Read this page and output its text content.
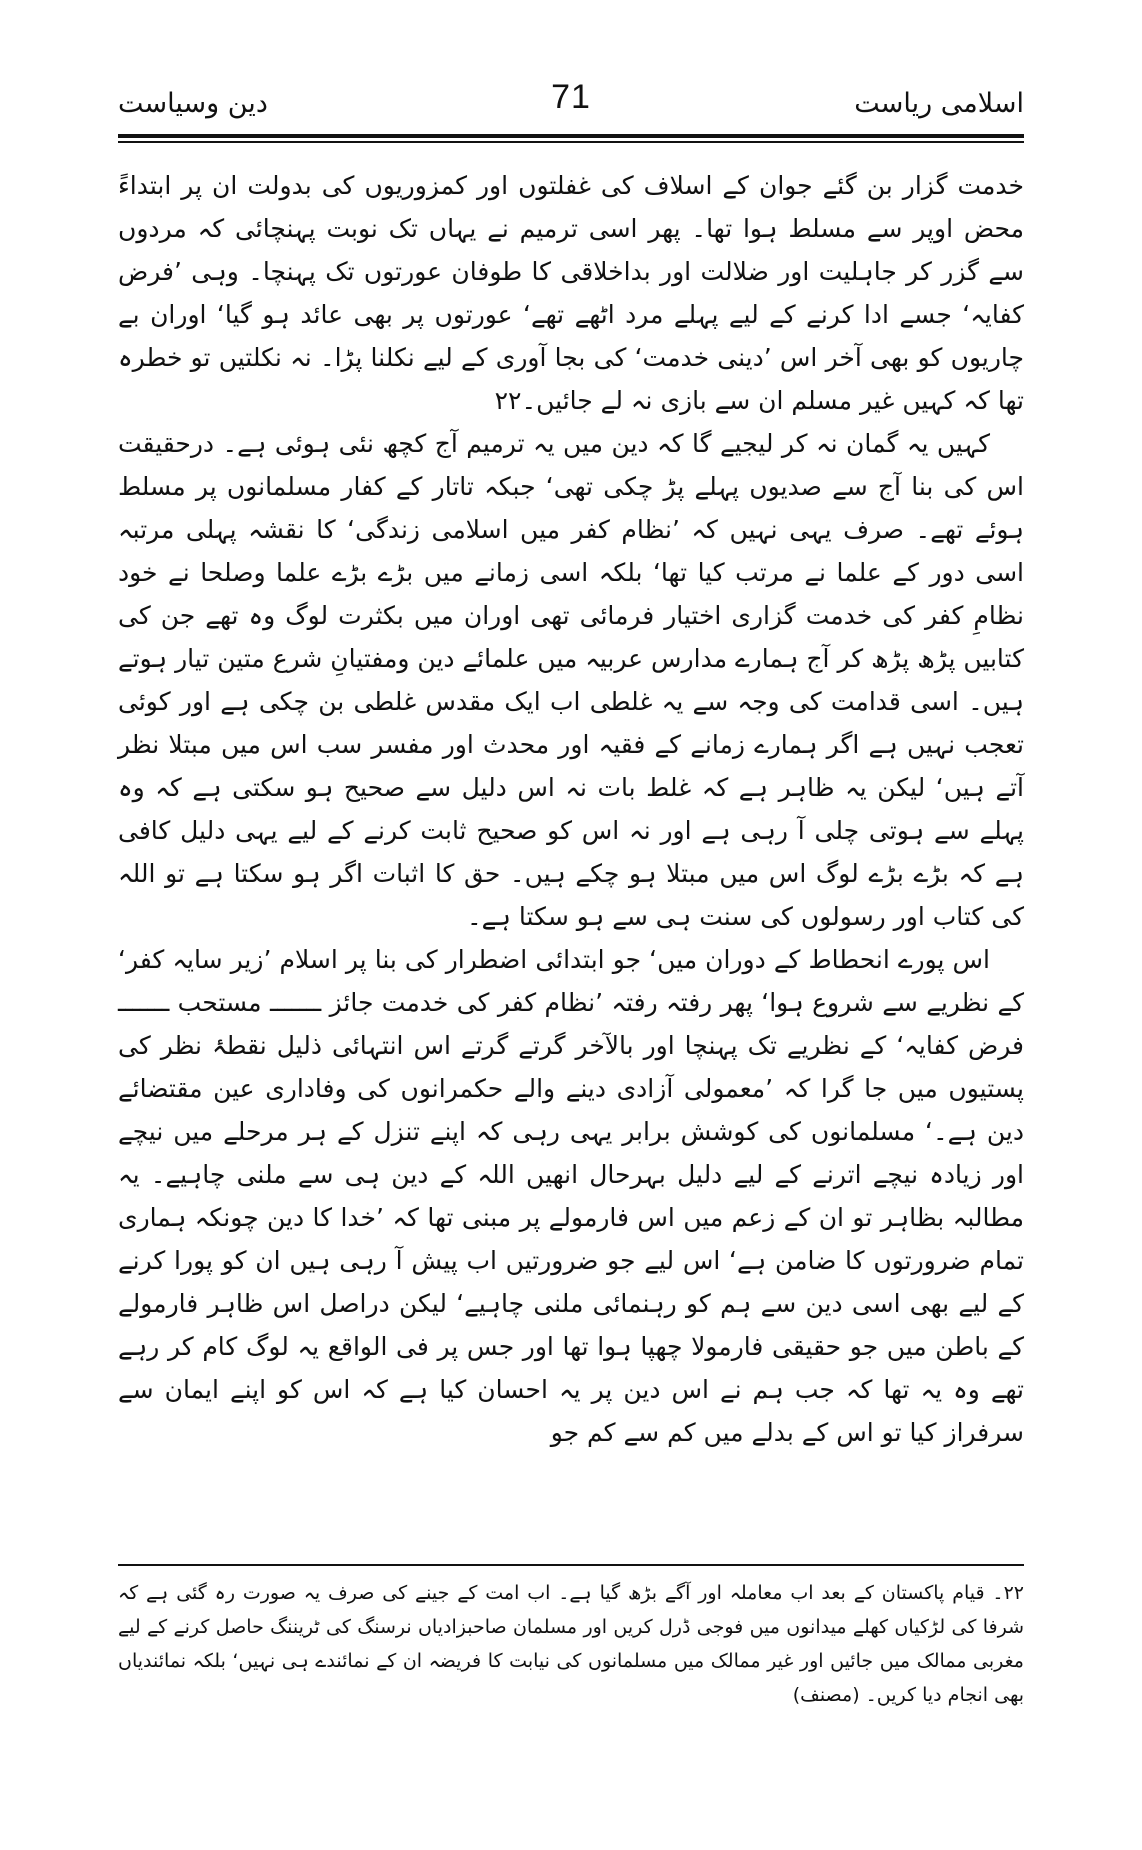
اسلامی ریاست
71
دین وسیاست

خدمت گزار بن گئے جوان کے اسلاف کی غفلتوں اور کمزوریوں کی بدولت ان پر ابتداءً محض اوپر سے مسلط ہوا تھا۔ پھر اسی ترمیم نے یہاں تک نوبت پہنچائی کہ مردوں سے گزر کر جاہلیت اور ضلالت اور بداخلاقی کا طوفان عورتوں تک پہنچا۔ وہی ’فرض کفایہ‘ جسے ادا کرنے کے لیے پہلے مرد اٹھے تھے‘ عورتوں پر بھی عائد ہو گیا‘ اوران بے چاریوں کو بھی آخر اس ’دینی خدمت‘ کی بجا آوری کے لیے نکلنا پڑا۔ نہ نکلتیں تو خطرہ تھا کہ کہیں غیر مسلم ان سے بازی نہ لے جائیں۔۲۲

کہیں یہ گمان نہ کر لیجیے گا کہ دین میں یہ ترمیم آج کچھ نئی ہوئی ہے۔ درحقیقت اس کی بنا آج سے صدیوں پہلے پڑ چکی تھی‘ جبکہ تاتار کے کفار مسلمانوں پر مسلط ہوئے تھے۔ صرف یہی نہیں کہ ’نظام کفر میں اسلامی زندگی‘ کا نقشہ پہلی مرتبہ اسی دور کے علما نے مرتب کیا تھا‘ بلکہ اسی زمانے میں بڑے بڑے علما وصلحا نے خود نظامِ کفر کی خدمت گزاری اختیار فرمائی تھی اوران میں بکثرت لوگ وہ تھے جن کی کتابیں پڑھ پڑھ کر آج ہمارے مدارس عربیہ میں علمائے دین ومفتیانِ شرع متین تیار ہوتے ہیں۔ اسی قدامت کی وجہ سے یہ غلطی اب ایک مقدس غلطی بن چکی ہے اور کوئی تعجب نہیں ہے اگر ہمارے زمانے کے فقیہ اور محدث اور مفسر سب اس میں مبتلا نظر آتے ہیں‘ لیکن یہ ظاہر ہے کہ غلط بات نہ اس دلیل سے صحیح ہو سکتی ہے کہ وہ پہلے سے ہوتی چلی آ رہی ہے اور نہ اس کو صحیح ثابت کرنے کے لیے یہی دلیل کافی ہے کہ بڑے بڑے لوگ اس میں مبتلا ہو چکے ہیں۔ حق کا اثبات اگر ہو سکتا ہے تو اللہ کی کتاب اور رسولوں کی سنت ہی سے ہو سکتا ہے۔

اس پورے انحطاط کے دوران میں‘ جو ابتدائی اضطرار کی بنا پر اسلام ’زیر سایہ کفر‘ کے نظریے سے شروع ہوا‘ پھر رفتہ رفتہ ’نظام کفر کی خدمت جائز ـــــــ مستحب ـــــــ فرض کفایہ‘ کے نظریے تک پہنچا اور بالآخر گرتے گرتے اس انتہائی ذلیل نقطۂ نظر کی پستیوں میں جا گرا کہ ’معمولی آزادی دینے والے حکمرانوں کی وفاداری عین مقتضائے دین ہے۔‘ مسلمانوں کی کوشش برابر یہی رہی کہ اپنے تنزل کے ہر مرحلے میں نیچے اور زیادہ نیچے اترنے کے لیے دلیل بہرحال انھیں اللہ کے دین ہی سے ملنی چاہیے۔ یہ مطالبہ بظاہر تو ان کے زعم میں اس فارمولے پر مبنی تھا کہ ’خدا کا دین چونکہ ہماری تمام ضرورتوں کا ضامن ہے‘ اس لیے جو ضرورتیں اب پیش آ رہی ہیں ان کو پورا کرنے کے لیے بھی اسی دین سے ہم کو رہنمائی ملنی چاہیے‘ لیکن دراصل اس ظاہر فارمولے کے باطن میں جو حقیقی فارمولا چھپا ہوا تھا اور جس پر فی الواقع یہ لوگ کام کر رہے تھے وہ یہ تھا کہ جب ہم نے اس دین پر یہ احسان کیا ہے کہ اس کو اپنے ایمان سے سرفراز کیا تو اس کے بدلے میں کم سے کم جو

۲۲۔ قیام پاکستان کے بعد اب معاملہ اور آگے بڑھ گیا ہے۔ اب امت کے جینے کی صرف یہ صورت رہ گئی ہے کہ شرفا کی لڑکیاں کھلے میدانوں میں فوجی ڈرل کریں اور مسلمان صاحبزادیاں نرسنگ کی ٹریننگ حاصل کرنے کے لیے مغربی ممالک میں جائیں اور غیر ممالک میں مسلمانوں کی نیابت کا فریضہ ان کے نمائندے ہی نہیں‘ بلکہ نمائندیاں بھی انجام دیا کریں۔ (مصنف)
